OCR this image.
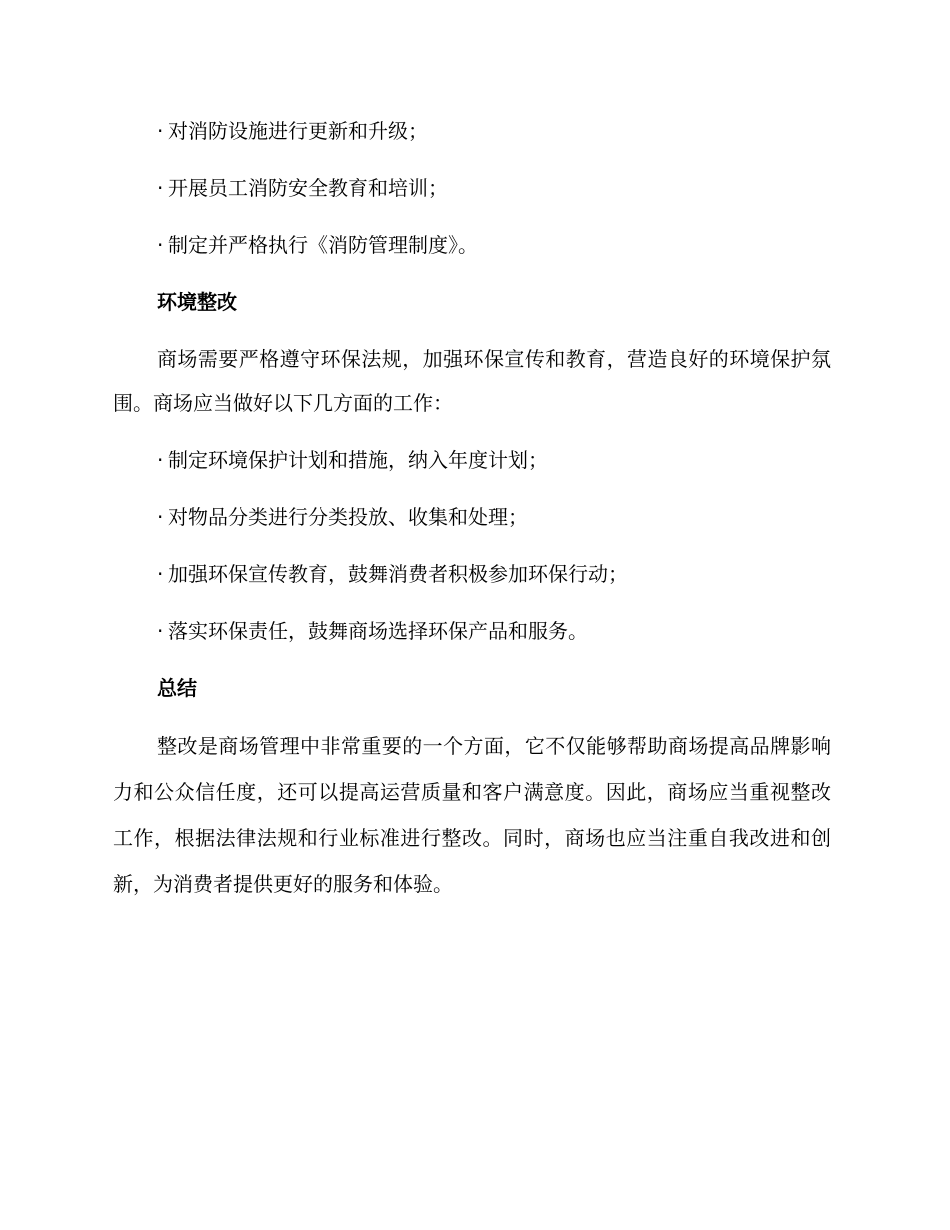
· 对消防设施进行更新和升级；
· 开展员工消防安全教育和培训；
· 制定并严格执行《消防管理制度》。
环境整改

商场需要严格遵守环保法规，加强环保宣传和教育，营造良好的环境保护氛围。商场应当做好以下几方面的工作：

· 制定环境保护计划和措施，纳入年度计划；
· 对物品分类进行分类投放、收集和处理；
· 加强环保宣传教育，鼓舞消费者积极参加环保行动；
· 落实环保责任，鼓舞商场选择环保产品和服务。
总结

整改是商场管理中非常重要的一个方面，它不仅能够帮助商场提高品牌影响力和公众信任度，还可以提高运营质量和客户满意度。因此，商场应当重视整改工作，根据法律法规和行业标准进行整改。同时，商场也应当注重自我改进和创新，为消费者提供更好的服务和体验。
